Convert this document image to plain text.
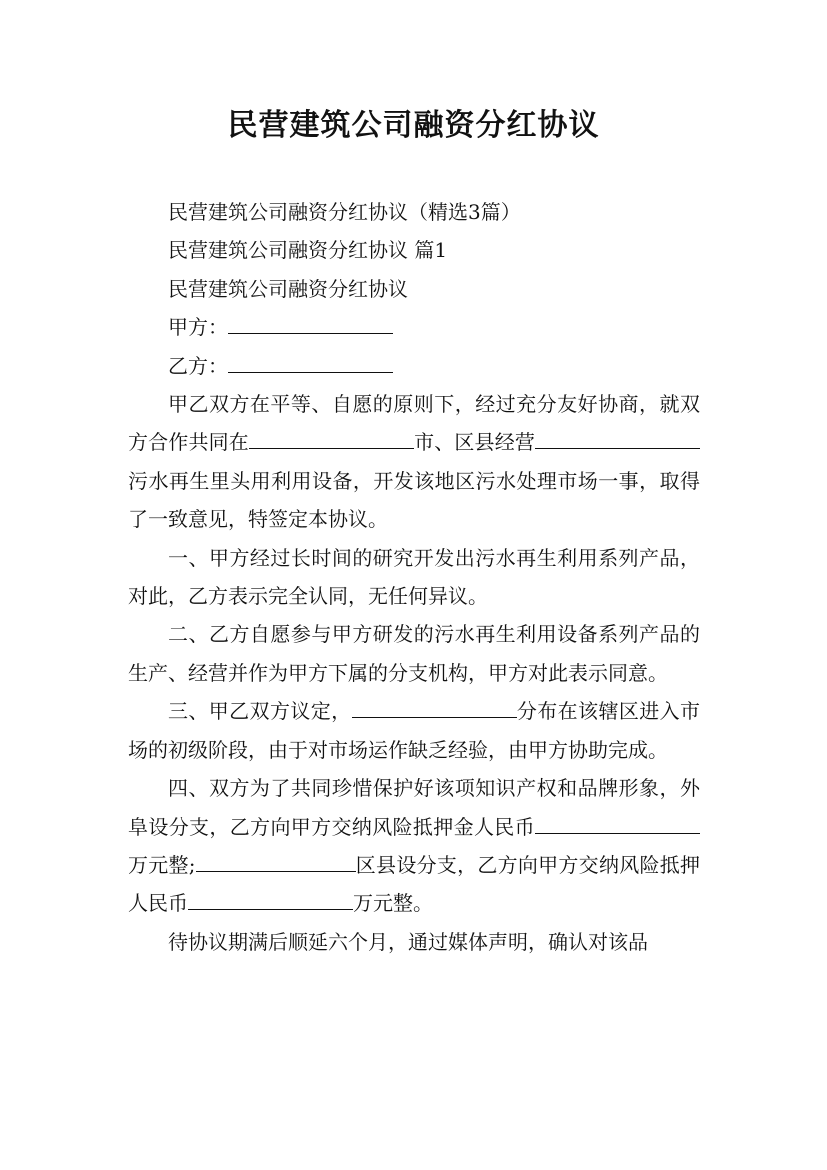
民营建筑公司融资分红协议

民营建筑公司融资分红协议（精选3篇）

民营建筑公司融资分红协议 篇1

民营建筑公司融资分红协议

甲方：

乙方：

甲乙双方在平等、自愿的原则下，经过充分友好协商，就双方合作共同在	市、区县经营污水再生里头用利用设备，开发该地区污水处理市场一事，取得了一致意见，特签定本协议。

一、甲方经过长时间的研究开发出污水再生利用系列产品，对此，乙方表示完全认同，无任何异议。

二、乙方自愿参与甲方研发的污水再生利用设备系列产品的生产、经营并作为甲方下属的分支机构，甲方对此表示同意。

三、甲乙双方议定，	分布在该辖区进入市场的初级阶段，由于对市场运作缺乏经验，由甲方协助完成。

四、双方为了共同珍惜保护好该项知识产权和品牌形象，外阜设分支，乙方向甲方交纳风险抵押金人民币万元整;	区县设分支，乙方向甲方交纳风险抵押人民币	万元整。

待协议期满后顺延六个月，通过媒体声明，确认对该品
